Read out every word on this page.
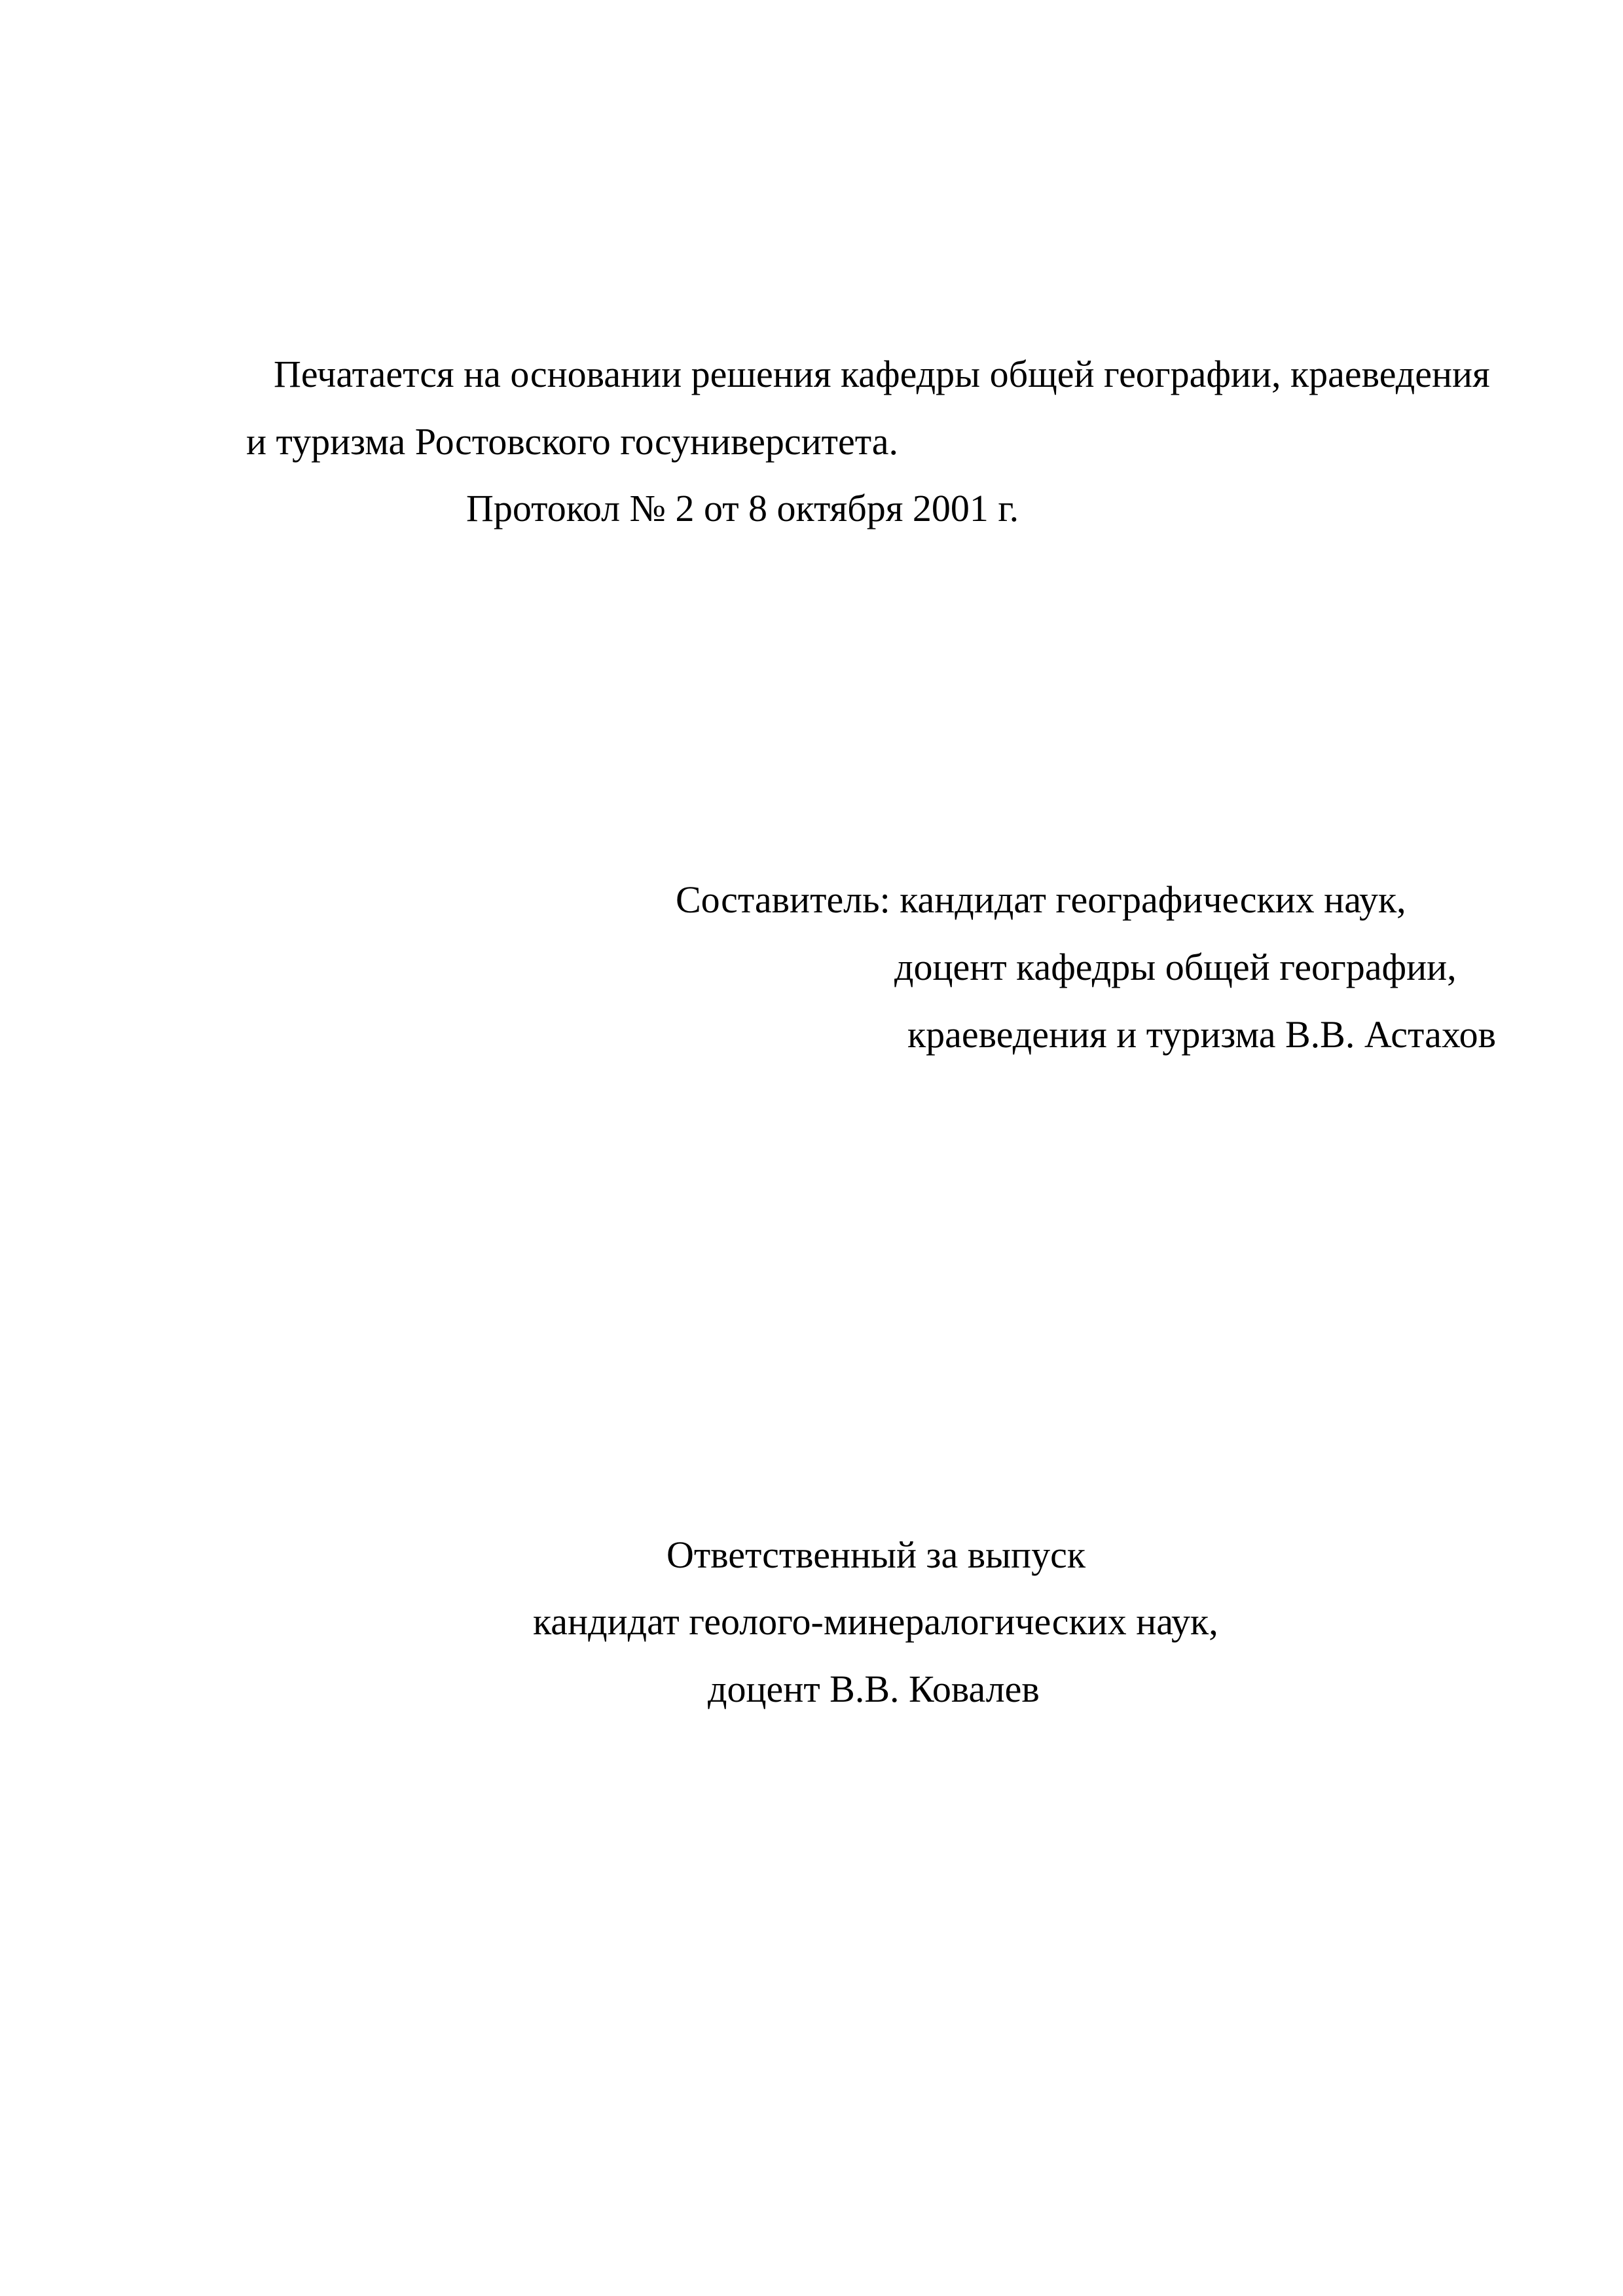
Печатается на основании решения кафедры общей географии, краеведения

и туризма Ростовского госуниверситета.

Протокол № 2 от 8 октября 2001 г.

Составитель: кандидат географических наук,

доцент кафедры общей географии,

краеведения и туризма В.В. Астахов

Ответственный за выпуск

кандидат геолого-минералогических наук,

доцент В.В. Ковалев
